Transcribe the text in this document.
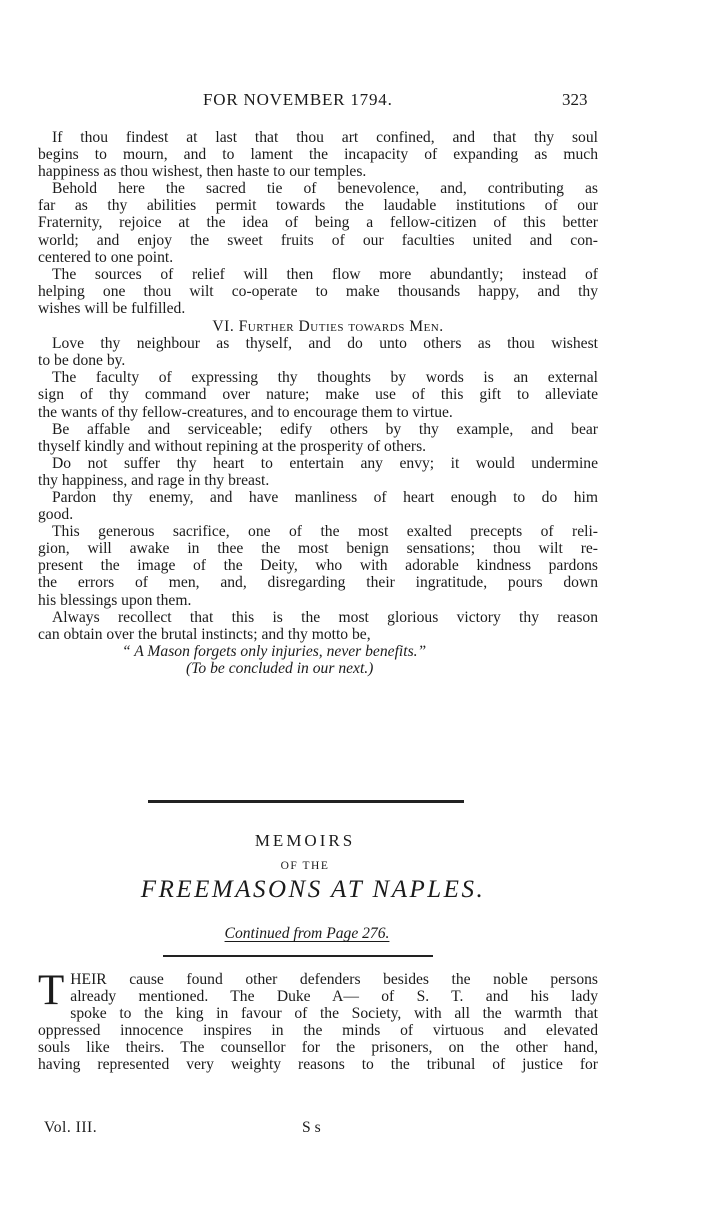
FOR NOVEMBER 1794.	323
If thou findest at last that thou art confined, and that thy soul
begins to mourn, and to lament the incapacity of expanding as much
happiness as thou wishest, then haste to our temples.
Behold here the sacred tie of benevolence, and, contributing as
far as thy abilities permit towards the laudable institutions of our
Fraternity, rejoice at the idea of being a fellow-citizen of this better
world; and enjoy the sweet fruits of our faculties united and con-
centered to one point.
The sources of relief will then flow more abundantly; instead of
helping one thou wilt co-operate to make thousands happy, and thy
wishes will be fulfilled.
VI. Further Duties towards Men.
Love thy neighbour as thyself, and do unto others as thou wishest
to be done by.
The faculty of expressing thy thoughts by words is an external
sign of thy command over nature; make use of this gift to alleviate
the wants of thy fellow-creatures, and to encourage them to virtue.
Be affable and serviceable; edify others by thy example, and bear
thyself kindly and without repining at the prosperity of others.
Do not suffer thy heart to entertain any envy; it would undermine
thy happiness, and rage in thy breast.
Pardon thy enemy, and have manliness of heart enough to do him
good.
This generous sacrifice, one of the most exalted precepts of reli-
gion, will awake in thee the most benign sensations; thou wilt re-
present the image of the Deity, who with adorable kindness pardons
the errors of men, and, disregarding their ingratitude, pours down
his blessings upon them.
Always recollect that this is the most glorious victory thy reason
can obtain over the brutal instincts; and thy motto be,
“ A Mason forgets only injuries, never benefits.”
(To be concluded in our next.)
MEMOIRS
OF THE
FREEMASONS AT NAPLES.
Continued from Page 276.
T HEIR cause found other defenders besides the noble persons
already mentioned. The Duke A— of S. T. and his lady
spoke to the king in favour of the Society, with all the warmth that
oppressed innocence inspires in the minds of virtuous and elevated
souls like theirs. The counsellor for the prisoners, on the other hand,
having represented very weighty reasons to the tribunal of justice for
Vol. III.	S s
